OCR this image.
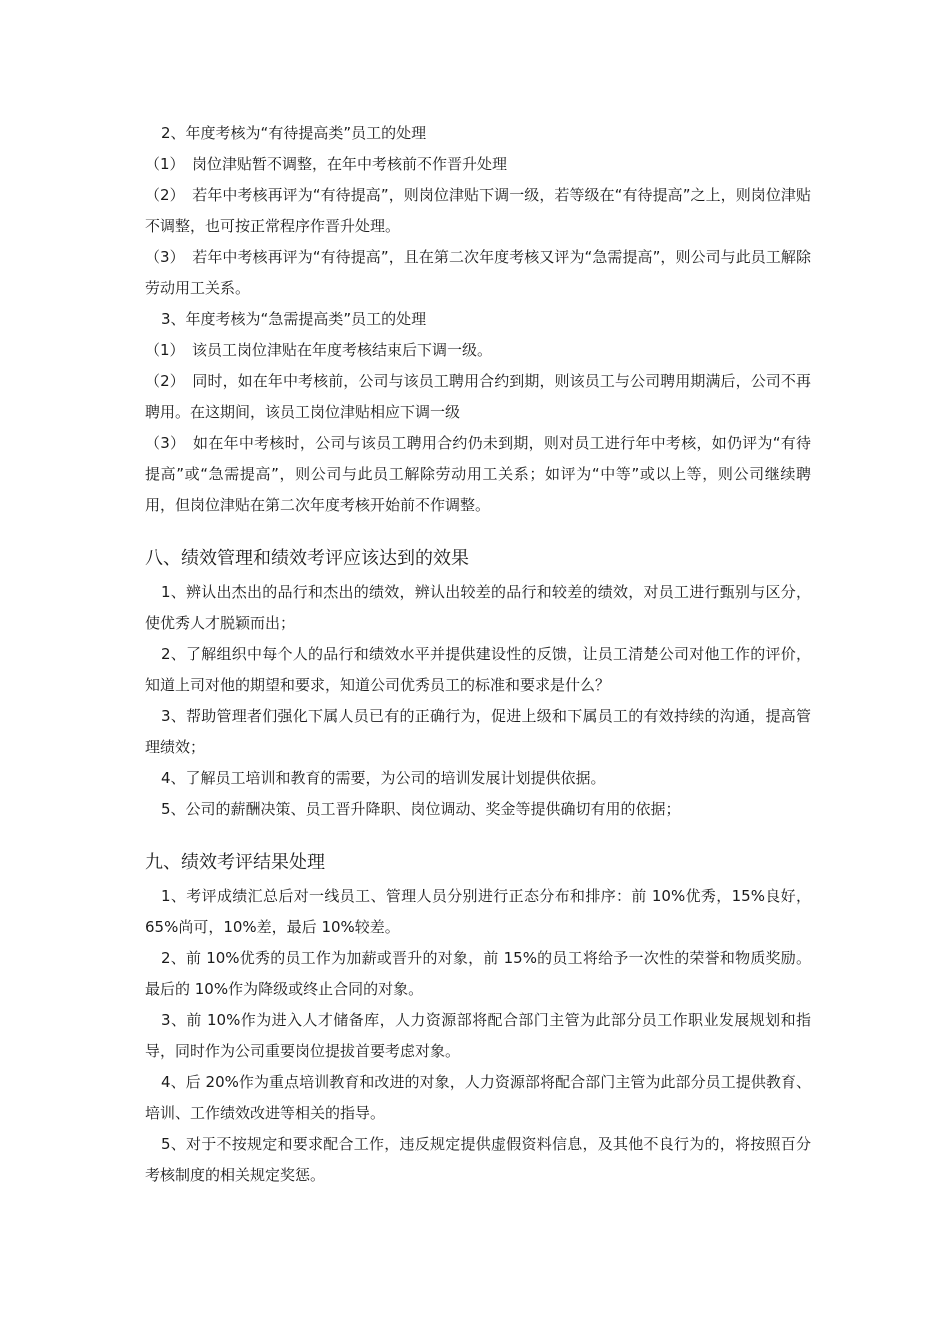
2、年度考核为“有待提高类”员工的处理

（1）　岗位津贴暂不调整，在年中考核前不作晋升处理

（2）　若年中考核再评为“有待提高”，则岗位津贴下调一级，若等级在“有待提高”之上，则岗位津贴不调整，也可按正常程序作晋升处理。

（3）　若年中考核再评为“有待提高”，且在第二次年度考核又评为“急需提高”，则公司与此员工解除劳动用工关系。

3、年度考核为“急需提高类”员工的处理

（1）　该员工岗位津贴在年度考核结束后下调一级。

（2）　同时，如在年中考核前，公司与该员工聘用合约到期，则该员工与公司聘用期满后，公司不再聘用。在这期间，该员工岗位津贴相应下调一级

（3）　如在年中考核时，公司与该员工聘用合约仍未到期，则对员工进行年中考核，如仍评为“有待提高”或“急需提高”，则公司与此员工解除劳动用工关系；如评为“中等”或以上等，则公司继续聘用，但岗位津贴在第二次年度考核开始前不作调整。

八、绩效管理和绩效考评应该达到的效果

1、辨认出杰出的品行和杰出的绩效，辨认出较差的品行和较差的绩效，对员工进行甄别与区分，使优秀人才脱颖而出；

2、了解组织中每个人的品行和绩效水平并提供建设性的反馈，让员工清楚公司对他工作的评价，知道上司对他的期望和要求，知道公司优秀员工的标准和要求是什么？

3、帮助管理者们强化下属人员已有的正确行为，促进上级和下属员工的有效持续的沟通，提高管理绩效；

4、了解员工培训和教育的需要，为公司的培训发展计划提供依据。

5、公司的薪酬决策、员工晋升降职、岗位调动、奖金等提供确切有用的依据；

九、绩效考评结果处理

1、考评成绩汇总后对一线员工、管理人员分别进行正态分布和排序：前 10%优秀，15%良好，65%尚可，10%差，最后 10%较差。

2、前 10%优秀的员工作为加薪或晋升的对象，前 15%的员工将给予一次性的荣誉和物质奖励。最后的 10%作为降级或终止合同的对象。

3、前 10%作为进入人才储备库，人力资源部将配合部门主管为此部分员工作职业发展规划和指导，同时作为公司重要岗位提拔首要考虑对象。

4、后 20%作为重点培训教育和改进的对象，人力资源部将配合部门主管为此部分员工提供教育、培训、工作绩效改进等相关的指导。

5、对于不按规定和要求配合工作，违反规定提供虚假资料信息，及其他不良行为的，将按照百分考核制度的相关规定奖惩。
